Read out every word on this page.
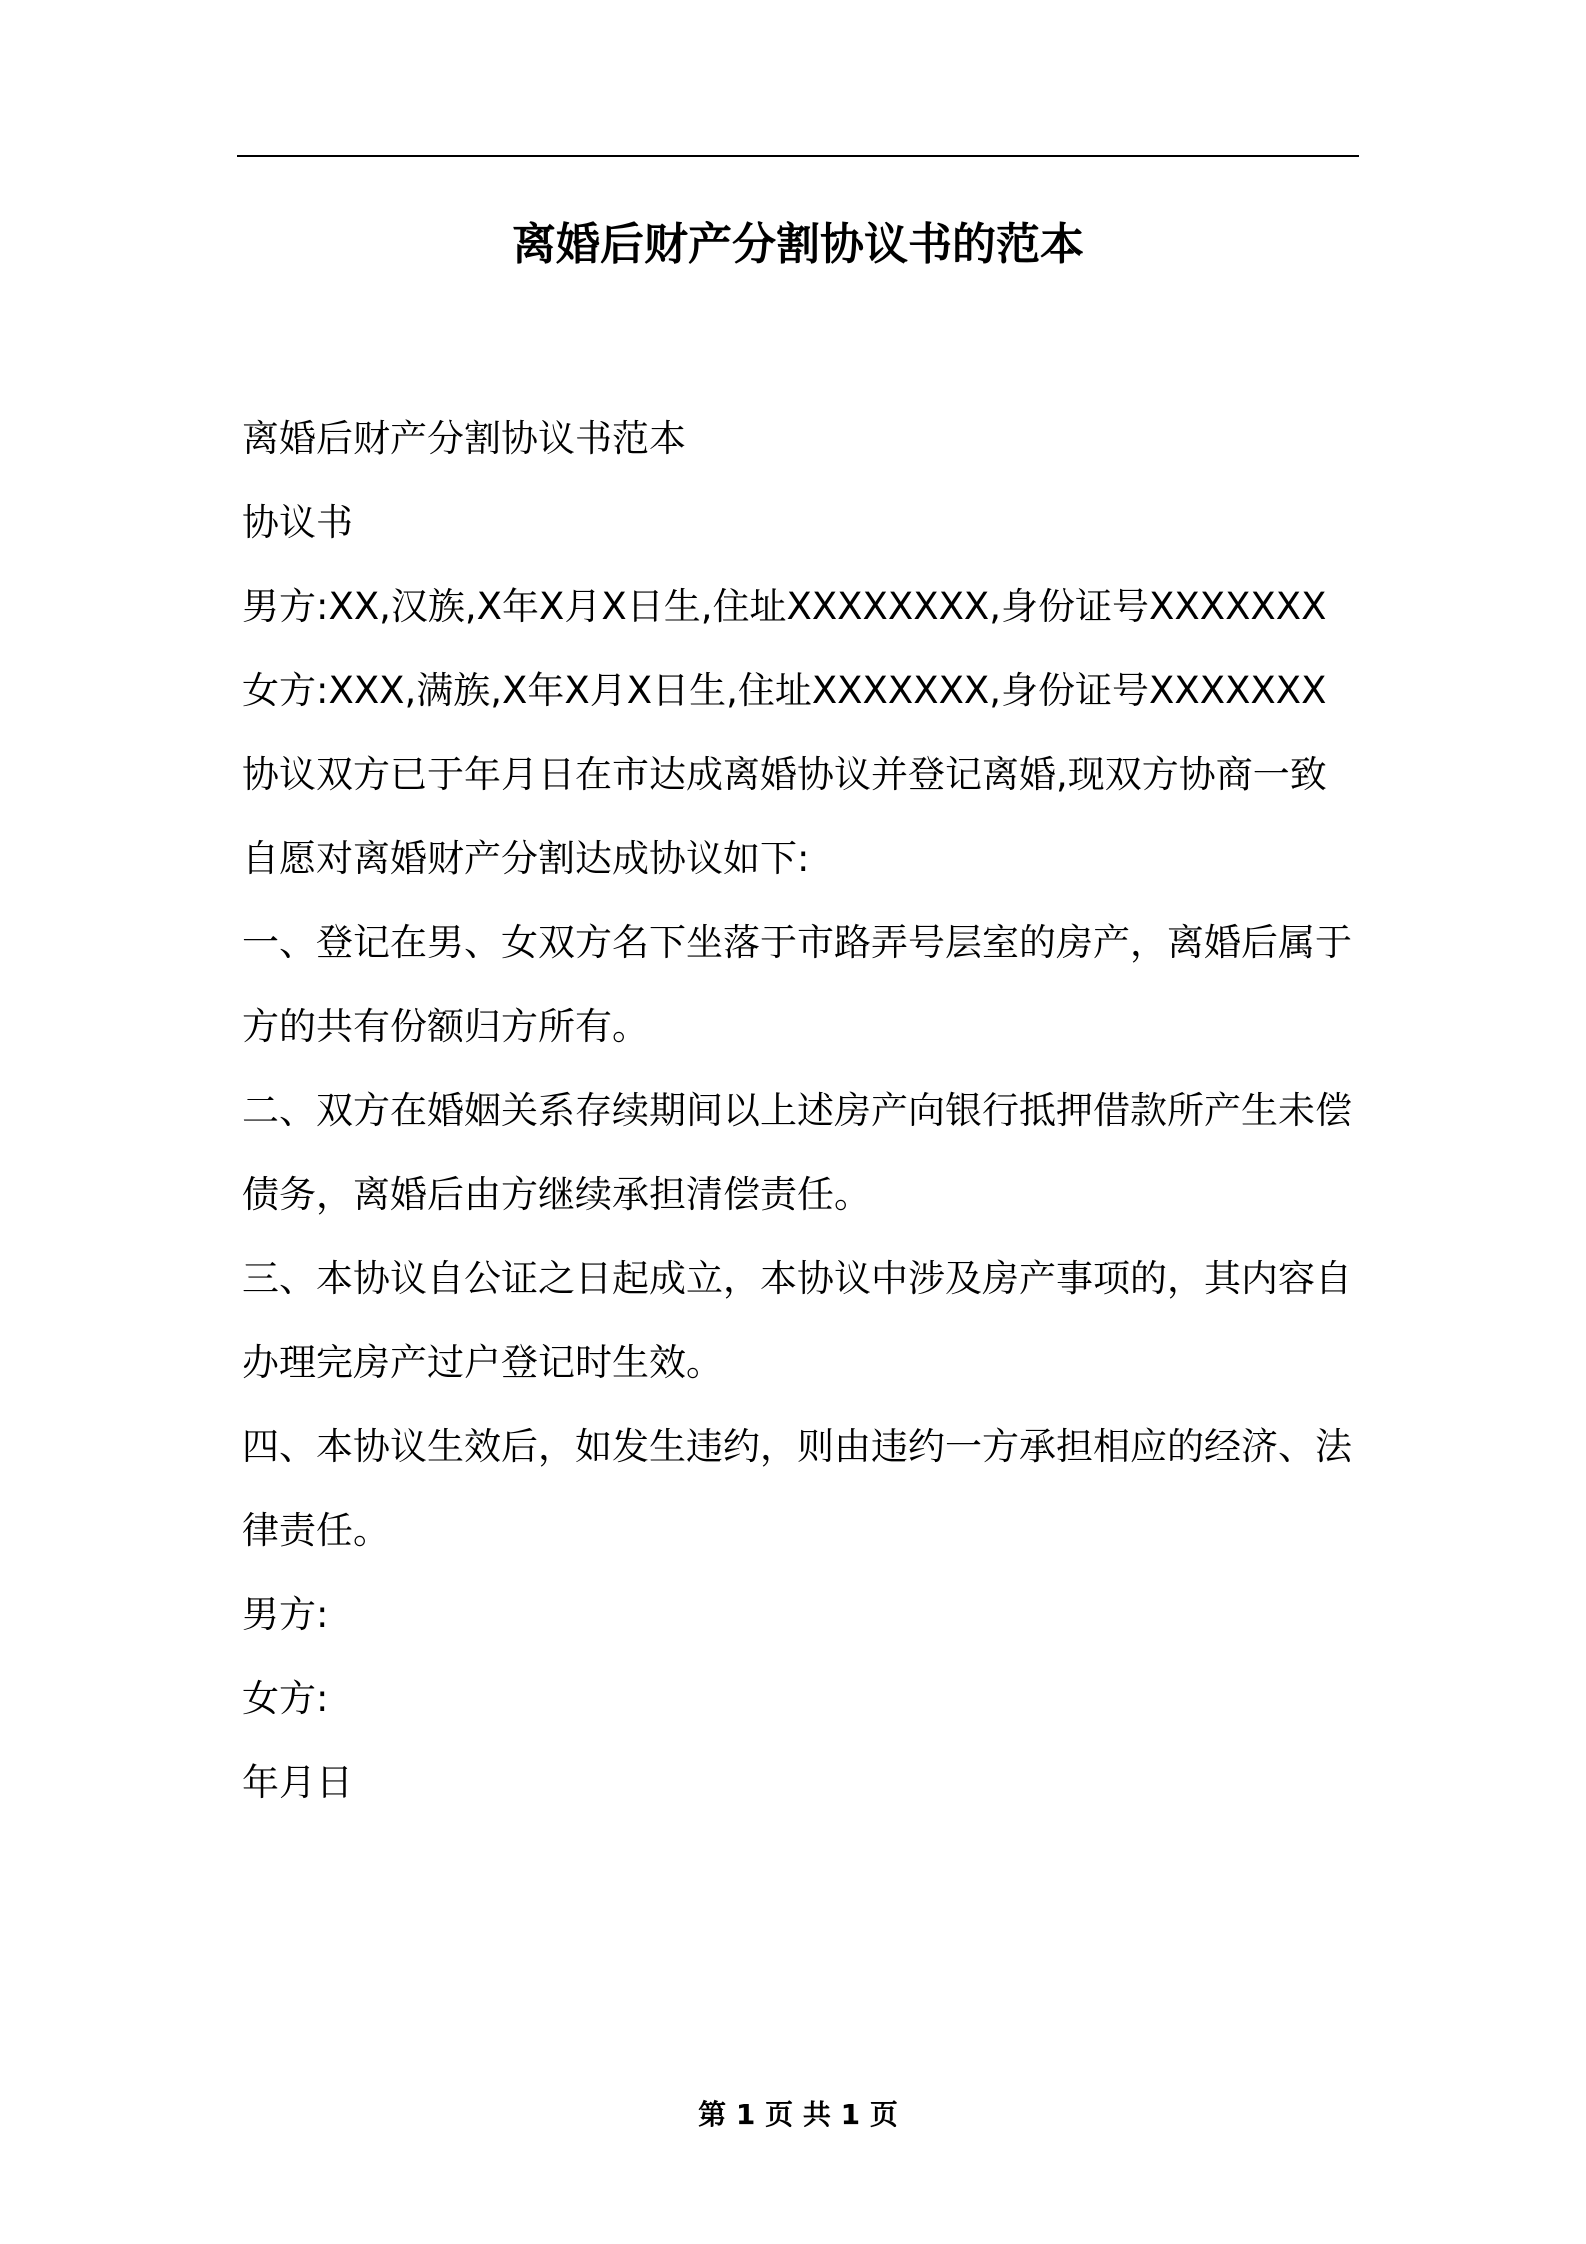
离婚后财产分割协议书的范本
离婚后财产分割协议书范本
协议书
男方:XX,汉族,X年X月X日生,住址XXXXXXXX,身份证号XXXXXXX
女方:XXX,满族,X年X月X日生,住址XXXXXXX,身份证号XXXXXXX
协议双方已于年月日在市达成离婚协议并登记离婚,现双方协商一致
自愿对离婚财产分割达成协议如下:
一、登记在男、女双方名下坐落于市路弄号层室的房产，离婚后属于
方的共有份额归方所有。
二、双方在婚姻关系存续期间以上述房产向银行抵押借款所产生未偿
债务，离婚后由方继续承担清偿责任。
三、本协议自公证之日起成立，本协议中涉及房产事项的，其内容自
办理完房产过户登记时生效。
四、本协议生效后，如发生违约，则由违约一方承担相应的经济、法
律责任。
男方:
女方:
年月日
第 1 页 共 1 页
